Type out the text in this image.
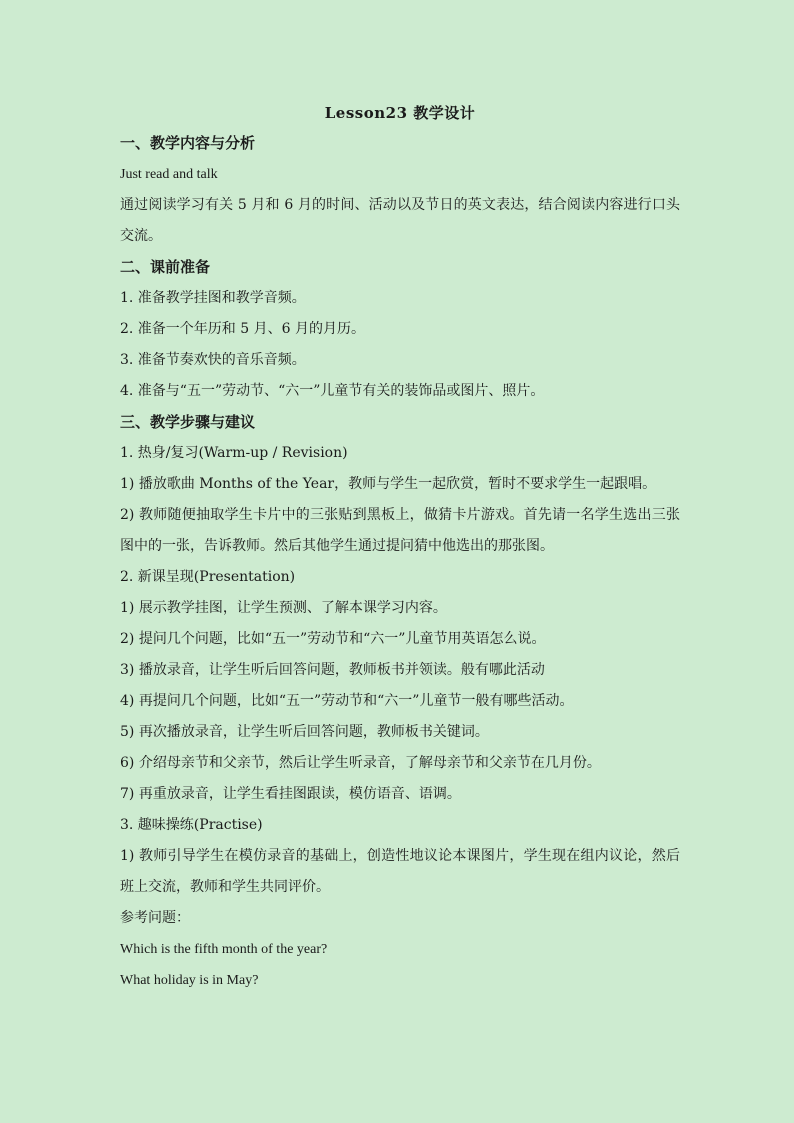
Lesson23 教学设计

一、教学内容与分析

Just read and talk

通过阅读学习有关 5 月和 6 月的时间、活动以及节日的英文表达，结合阅读内容进行口头交流。

二、课前准备

1. 准备教学挂图和教学音频。

2. 准备一个年历和 5 月、6 月的月历。

3. 准备节奏欢快的音乐音频。

4. 准备与“五一”劳动节、“六一”儿童节有关的装饰品或图片、照片。

三、教学步骤与建议

1. 热身/复习(Warm-up / Revision)

1) 播放歌曲 Months of the Year，教师与学生一起欣赏，暂时不要求学生一起跟唱。

2) 教师随便抽取学生卡片中的三张贴到黑板上，做猜卡片游戏。首先请一名学生选出三张图中的一张，告诉教师。然后其他学生通过提问猜中他选出的那张图。

2. 新课呈现(Presentation)

1) 展示教学挂图，让学生预测、了解本课学习内容。

2) 提问几个问题，比如“五一”劳动节和“六一”儿童节用英语怎么说。

3) 播放录音，让学生听后回答问题，教师板书并领读。般有哪此活动

4) 再提问几个问题，比如“五一”劳动节和“六一”儿童节一般有哪些活动。

5) 再次播放录音，让学生听后回答问题，教师板书关键词。

6) 介绍母亲节和父亲节，然后让学生听录音，了解母亲节和父亲节在几月份。

7) 再重放录音，让学生看挂图跟读，模仿语音、语调。

3. 趣味操练(Practise)

1) 教师引导学生在模仿录音的基础上，创造性地议论本课图片，学生现在组内议论，然后班上交流，教师和学生共同评价。

参考问题：

Which is the fifth month of the year?

What holiday is in May?
